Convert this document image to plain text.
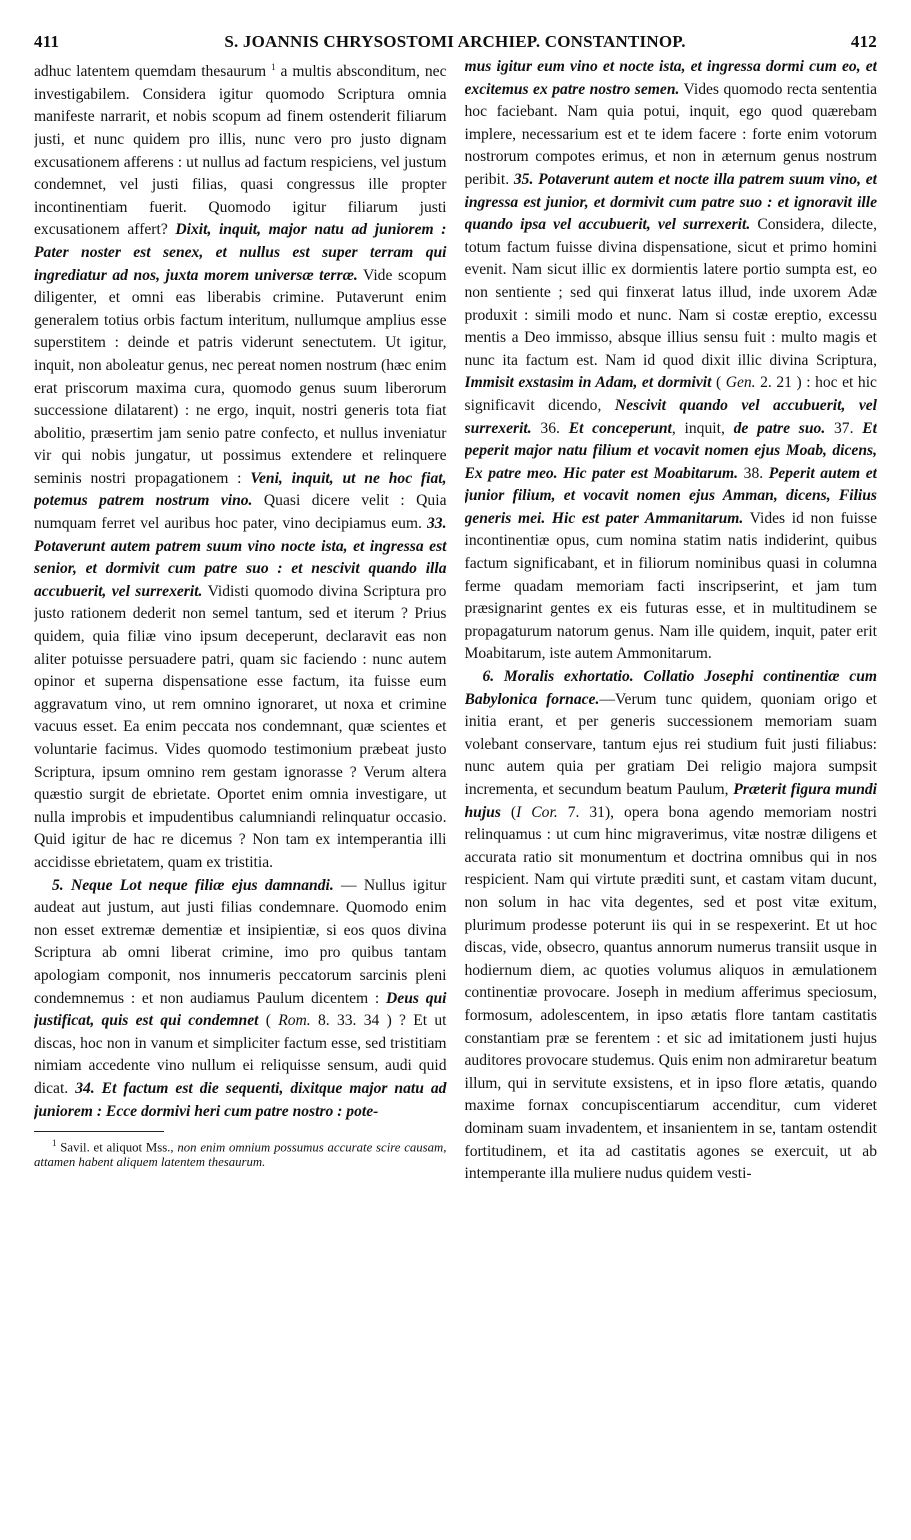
411	S. JOANNIS CHRYSOSTOMI ARCHIEP. CONSTANTINOP.	412

adhuc latentem quemdam thesaurum $^1$ a multis absconditum, nec investigabilem. Considera igitur quomodo Scriptura omnia manifeste narrarit, et nobis scopum ad finem ostenderit filiarum justi, et nunc quidem pro illis, nunc vero pro justo dignam excusationem afferens : ut nullus ad factum respiciens, vel justum condemnet, vel justi filias, quasi congressus ille propter incontinentiam fuerit. Quomodo igitur filiarum justi excusationem affert? Dixit, inquit, major natu ad juniorem : Pater noster est senex, et nullus est super terram qui ingrediatur ad nos, juxta morem universæ terræ. Vide scopum diligenter, et omni eas liberabis crimine. Putaverunt enim generalem totius orbis factum interitum, nullumque amplius esse superstitem : deinde et patris viderunt senectutem. Ut igitur, inquit, non aboleatur genus, nec pereat nomen nostrum (hæc enim erat priscorum maxima cura, quomodo genus suum liberorum successione dilatarent) : ne ergo, inquit, nostri generis tota fiat abolitio, præsertim jam senio patre confecto, et nullus inveniatur vir qui nobis jungatur, ut possimus extendere et relinquere seminis nostri propagationem : Veni, inquit, ut ne hoc fiat, potemus patrem nostrum vino. Quasi dicere velit : Quia numquam ferret vel auribus hoc pater, vino decipiamus eum. 33. Potaverunt autem patrem suum vino nocte ista, et ingressa est senior, et dormivit cum patre suo : et nescivit quando illa accubuerit, vel surrexerit. Vidisti quomodo divina Scriptura pro justo rationem dederit non semel tantum, sed et iterum ? Prius quidem, quia filiæ vino ipsum deceperunt, declaravit eas non aliter potuisse persuadere patri, quam sic faciendo : nunc autem opinor et superna dispensatione esse factum, ita fuisse eum aggravatum vino, ut rem omnino ignoraret, ut noxa et crimine vacuus esset. Ea enim peccata nos condemnant, quæ scientes et voluntarie facimus. Vides quomodo testimonium præbeat justo Scriptura, ipsum omnino rem gestam ignorasse ? Verum altera quæstio surgit de ebrietate. Oportet enim omnia investigare, ut nulla improbis et impudentibus calumniandi relinquatur occasio. Quid igitur de hac re dicemus ? Non tam ex intemperantia illi accidisse ebrietatem, quam ex tristitia.

5. Neque Lot neque filiæ ejus damnandi. — Nullus igitur audeat aut justum, aut justi filias condemnare. Quomodo enim non esset extremæ dementiæ et insipientiæ, si eos quos divina Scriptura ab omni liberat crimine, imo pro quibus tantam apologiam componit, nos innumeris peccatorum sarcinis pleni condemnemus : et non audiamus Paulum dicentem : Deus qui justificat, quis est qui condemnet ( Rom. 8. 33. 34 ) ? Et ut discas, hoc non in vanum et simpliciter factum esse, sed tristitiam nimiam accedente vino nullum ei reliquisse sensum, audi quid dicat. 34. Et factum est die sequenti, dixitque major natu ad juniorem : Ecce dormivi heri cum patre nostro : pote-

$^1$ Savil. et aliquot Mss., non enim omnium possumus accurate scire causam, attamen habent aliquem latentem thesaurum.

mus igitur eum vino et nocte ista, et ingressa dormi cum eo, et excitemus ex patre nostro semen. Vides quomodo recta sententia hoc faciebant. Nam quia potui, inquit, ego quod quærebam implere, necessarium est et te idem facere : forte enim votorum nostrorum compotes erimus, et non in æternum genus nostrum peribit. 35. Potaverunt autem et nocte illa patrem suum vino, et ingressa est junior, et dormivit cum patre suo : et ignoravit ille quando ipsa vel accubuerit, vel surrexerit. Considera, dilecte, totum factum fuisse divina dispensatione, sicut et primo homini evenit. Nam sicut illic ex dormientis latere portio sumpta est, eo non sentiente ; sed qui finxerat latus illud, inde uxorem Adæ produxit : simili modo et nunc. Nam si costæ ereptio, excessu mentis a Deo immisso, absque illius sensu fuit : multo magis et nunc ita factum est. Nam id quod dixit illic divina Scriptura, Immisit exstasim in Adam, et dormivit ( Gen. 2. 21 ) : hoc et hic significavit dicendo, Nescivit quando vel accubuerit, vel surrexerit. 36. Et conceperunt, inquit, de patre suo. 37. Et peperit major natu filium et vocavit nomen ejus Moab, dicens, Ex patre meo. Hic pater est Moabitarum. 38. Peperit autem et junior filium, et vocavit nomen ejus Amman, dicens, Filius generis mei. Hic est pater Ammanitarum. Vides id non fuisse incontinentiæ opus, cum nomina statim natis indiderint, quibus factum significabant, et in filiorum nominibus quasi in columna ferme quadam memoriam facti inscripserint, et jam tum præsignarint gentes ex eis futuras esse, et in multitudinem se propagaturum natorum genus. Nam ille quidem, inquit, pater erit Moabitarum, iste autem Ammonitarum.

6. Moralis exhortatio. Collatio Josephi continentiæ cum Babylonica fornace.—Verum tunc quidem, quoniam origo et initia erant, et per generis successionem memoriam suam volebant conservare, tantum ejus rei studium fuit justi filiabus: nunc autem quia per gratiam Dei religio majora sumpsit incrementa, et secundum beatum Paulum, Præterit figura mundi hujus (I Cor. 7. 31), opera bona agendo memoriam nostri relinquamus : ut cum hinc migraverimus, vitæ nostræ diligens et accurata ratio sit monumentum et doctrina omnibus qui in nos respicient. Nam qui virtute præditi sunt, et castam vitam ducunt, non solum in hac vita degentes, sed et post vitæ exitum, plurimum prodesse poterunt iis qui in se respexerint. Et ut hoc discas, vide, obsecro, quantus annorum numerus transiit usque in hodiernum diem, ac quoties volumus aliquos in æmulationem continentiæ provocare. Joseph in medium afferimus speciosum, formosum, adolescentem, in ipso ætatis flore tantam castitatis constantiam præ se ferentem : et sic ad imitationem justi hujus auditores provocare studemus. Quis enim non admiraretur beatum illum, qui in servitute exsistens, et in ipso flore ætatis, quando maxime fornax concupiscentiarum accenditur, cum videret dominam suam invadentem, et insanientem in se, tantam ostendit fortitudinem, et ita ad castitatis agones se exercuit, ut ab intemperante illa muliere nudus quidem vesti-
